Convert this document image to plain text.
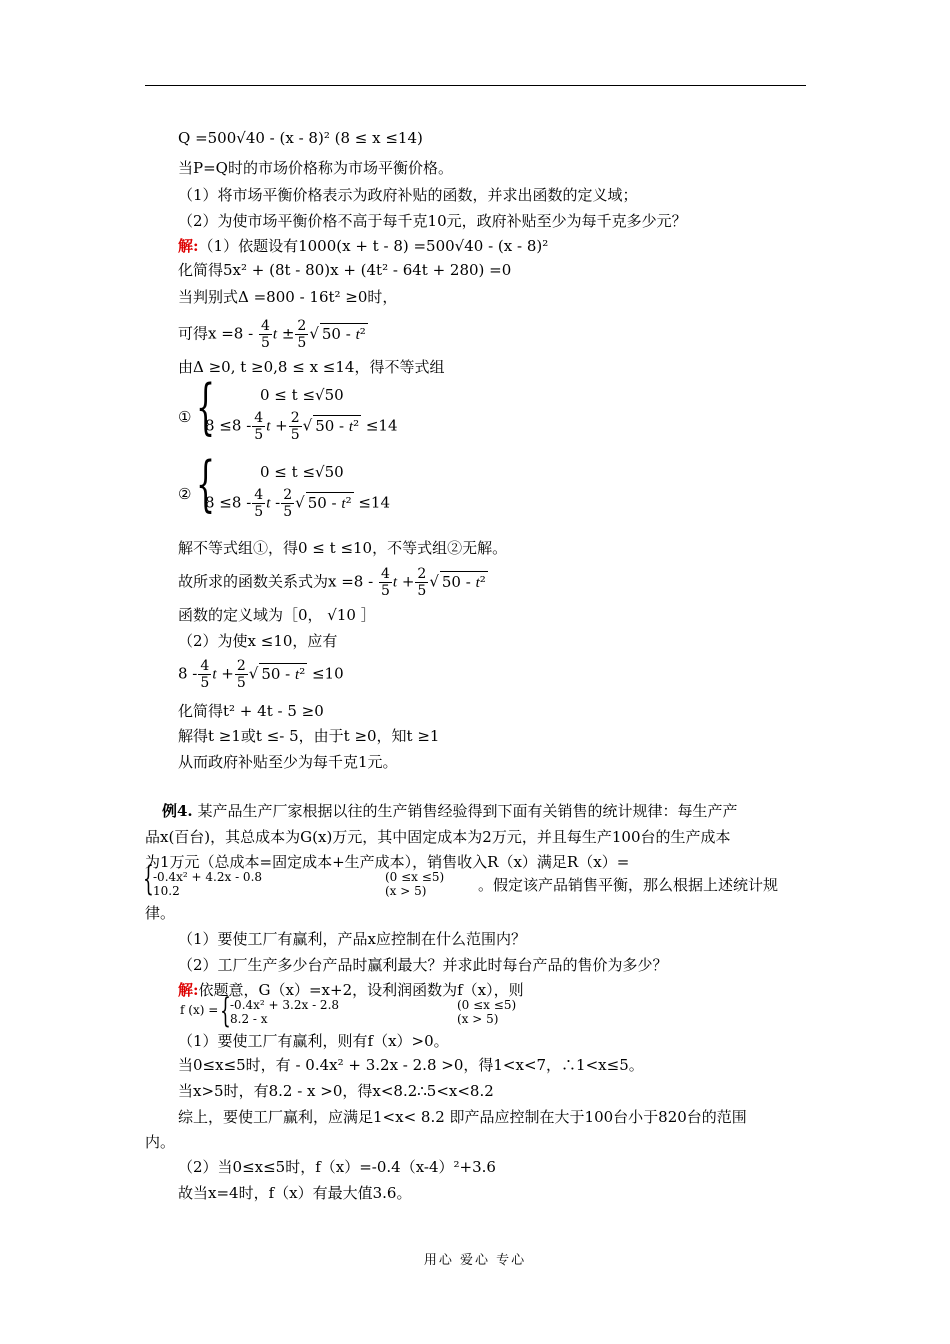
Q =500√40 - (x - 8)² (8 ≤ x ≤14)
当P=Q时的市场价格称为市场平衡价格。
（1）将市场平衡价格表示为政府补贴的函数，并求出函数的定义域；
（2）为使市场平衡价格不高于每千克10元，政府补贴至少为每千克多少元？
解:（1）依题设有1000(x + t - 8) =500√40 - (x - 8)²
化简得5x² + (8t - 80)x + (4t² - 64t + 280) =0
当判别式Δ =800 - 16t² ≥0时，
可得$x =8 - \frac{4}{5}$ $t \pm \frac{2}{5}$ √ 50 - t²
由Δ ≥0, t ≥0,8 ≤ x ≤14，得不等式组
0 ≤ t ≤√50
① {
$8 \le 8 - \frac{4}{5}$ $t + \frac{2}{5}$ √ 50 - t² ≤14
0 ≤ t ≤√50
② {
$8 \le 8 - \frac{4}{5}$ t - $\frac{2}{5}$ √ 50 - t² ≤14
解不等式组①，得0 ≤ t ≤10，不等式组②无解。
故所求的函数关系式为$x =8 - \frac{4}{5}$ $t + \frac{2}{5}$ √ 50 - t²
函数的定义域为［0， √10 ］
（2）为使x ≤10，应有
$8 - \frac{4}{5}$ $t + \frac{2}{5}$ √ 50 - t² ≤10
化简得t² + 4t - 5 ≥0
解得t ≥1或t ≤- 5，由于t ≥0，知t ≥1
从而政府补贴至少为每千克1元。
例4. 某产品生产厂家根据以往的生产销售经验得到下面有关销售的统计规律：每生产产
品x(百台)，其总成本为G(x)万元，其中固定成本为2万元，并且每生产100台的生产成本
为1万元（总成本=固定成本+生产成本），销售收入R（x）满足R（x）=
{ -0.4x² + 4.2x - 0.8
10.2
(0 ≤x ≤5)
(x > 5)	。假定该产品销售平衡，那么根据上述统计规
律。
（1）要使工厂有赢利，产品x应控制在什么范围内？
（2）工厂生产多少台产品时赢利最大？并求此时每台产品的售价为多少？
解:依题意，G（x）=x+2，设利润函数为f（x），则
f (x) = { -0.4x² + 3.2x - 2.8
8.2 - x
(0 ≤x ≤5)
(x > 5)
（1）要使工厂有赢利，则有f（x）>0。
当0≤x≤5时，有 - 0.4x² + 3.2x - 2.8 >0，得1<x<7，∴1<x≤5。
当x>5时，有8.2 - x >0，得x<8.2∴5<x<8.2
综上，要使工厂赢利，应满足1<x< 8.2 即产品应控制在大于100台小于820台的范围
内。
（2）当0≤x≤5时，f（x）=-0.4（x-4）²+3.6
故当x=4时，f（x）有最大值3.6。
用心 爱心 专心
